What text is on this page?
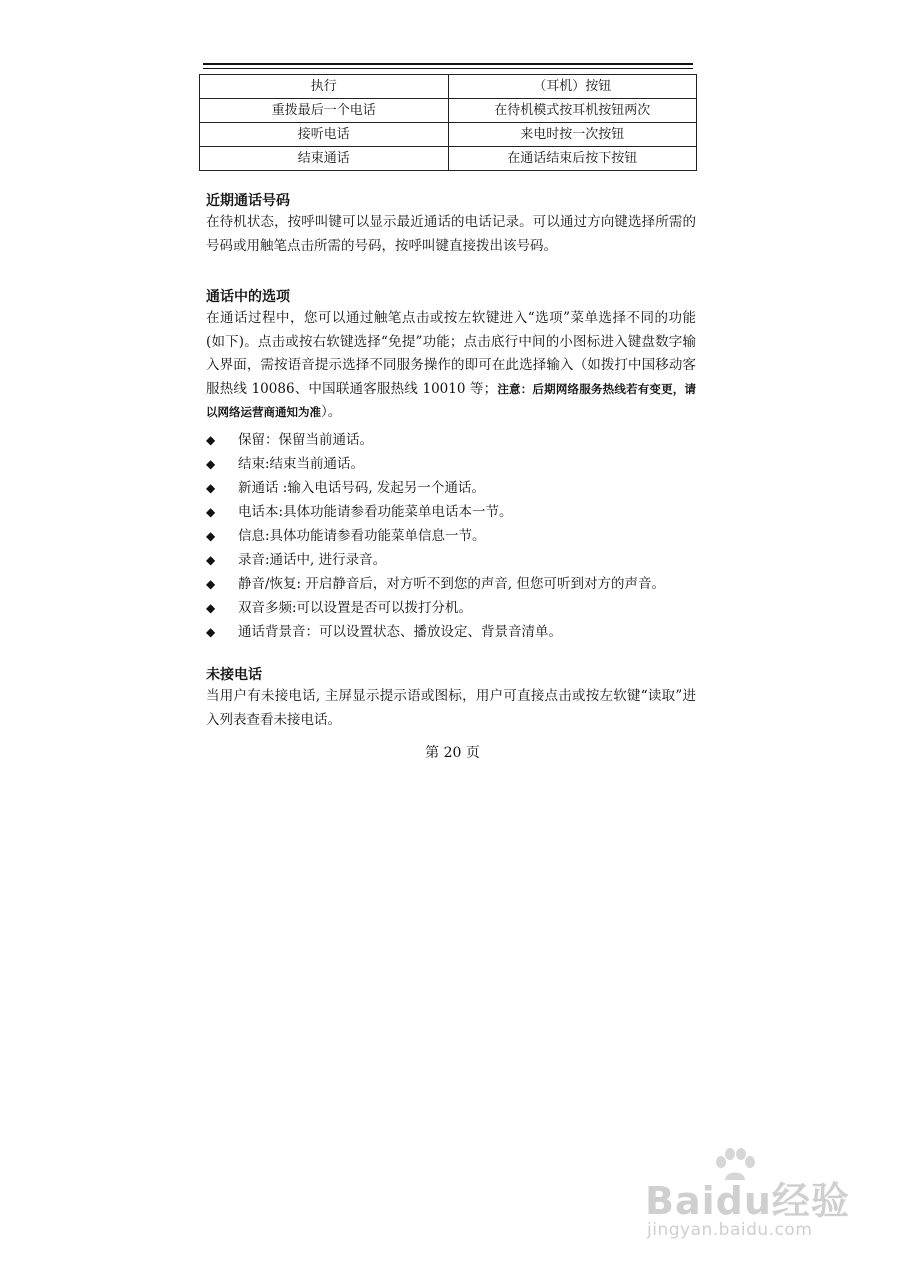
执行	（耳机）按钮
重拨最后一个电话	在待机模式按耳机按钮两次
接听电话	来电时按一次按钮
结束通话	在通话结束后按下按钮
近期通话号码
在待机状态，按呼叫键可以显示最近通话的电话记录。可以通过方向键选择所需的号码或用触笔点击所需的号码，按呼叫键直接拨出该号码。
通话中的选项
在通话过程中，您可以通过触笔点击或按左软键进入“选项”菜单选择不同的功能(如下)。点击或按右软键选择“免提”功能；点击底行中间的小图标进入键盘数字输入界面，需按语音提示选择不同服务操作的即可在此选择输入（如拨打中国移动客服热线 10086、中国联通客服热线 10010 等；注意：后期网络服务热线若有变更，请以网络运营商通知为准）。
◆ 保留：保留当前通话。
◆ 结束:结束当前通话。
◆ 新通话 :输入电话号码, 发起另一个通话。
◆ 电话本:具体功能请参看功能菜单电话本一节。
◆ 信息:具体功能请参看功能菜单信息一节。
◆ 录音:通话中, 进行录音。
◆ 静音/恢复: 开启静音后，对方听不到您的声音, 但您可听到对方的声音。
◆ 双音多频:可以设置是否可以拨打分机。
◆ 通话背景音：可以设置状态、播放设定、背景音清单。
未接电话
当用户有未接电话, 主屏显示提示语或图标，用户可直接点击或按左软键“读取”进入列表查看未接电话。
第 20 页
Baidu经验
jingyan.baidu.com
